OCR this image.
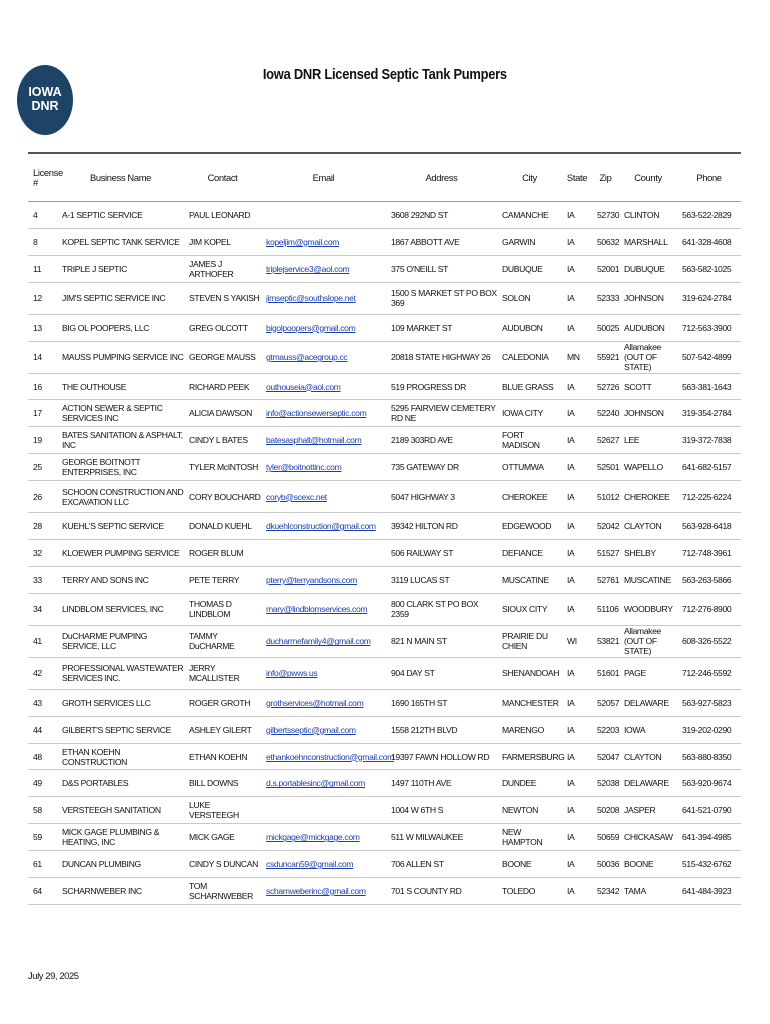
IOWA
DNR
Iowa DNR Licensed Septic Tank Pumpers
License #	Business Name	Contact	Email	Address	City	State	Zip	County	Phone
4	A-1 SEPTIC SERVICE	PAUL LEONARD		3608 292ND ST	CAMANCHE	IA	52730	CLINTON	563-522-2829
8	KOPEL SEPTIC TANK SERVICE	JIM KOPEL	kopeljim@gmail.com	1867 ABBOTT AVE	GARWIN	IA	50632	MARSHALL	641-328-4608
11	TRIPLE J SEPTIC	JAMES J ARTHOFER	triplejservice3@aol.com	375 O'NEILL ST	DUBUQUE	IA	52001	DUBUQUE	563-582-1025
12	JIM'S SEPTIC SERVICE INC	STEVEN S YAKISH	jimseptic@southslope.net	1500 S MARKET ST PO BOX 369	SOLON	IA	52333	JOHNSON	319-624-2784
13	BIG OL POOPERS, LLC	GREG OLCOTT	bigolpoopers@gmail.com	109 MARKET ST	AUDUBON	IA	50025	AUDUBON	712-563-3900
14	MAUSS PUMPING SERVICE INC	GEORGE MAUSS	gtmauss@acegroup.cc	20818 STATE HIGHWAY 26	CALEDONIA	MN	55921	Allamakee (OUT OF STATE)	507-542-4899
16	THE OUTHOUSE	RICHARD PEEK	outhouseia@aol.com	519 PROGRESS DR	BLUE GRASS	IA	52726	SCOTT	563-381-1643
17	ACTION SEWER & SEPTIC SERVICES INC	ALICIA DAWSON	info@actionsewerseptic.com	5295 FAIRVIEW CEMETERY RD NE	IOWA CITY	IA	52240	JOHNSON	319-354-2784
19	BATES SANITATION & ASPHALT, INC	CINDY L BATES	batesasphalt@hotmail.com	2189 303RD AVE	FORT MADISON	IA	52627	LEE	319-372-7838
25	GEORGE BOITNOTT ENTERPRISES, INC	TYLER McINTOSH	tyler@boitnottinc.com	735 GATEWAY DR	OTTUMWA	IA	52501	WAPELLO	641-682-5157
26	SCHOON CONSTRUCTION AND EXCAVATION LLC	CORY BOUCHARD	coryb@scexc.net	5047 HIGHWAY 3	CHEROKEE	IA	51012	CHEROKEE	712-225-6224
28	KUEHL'S SEPTIC SERVICE	DONALD KUEHL	dkuehlconstruction@gmail.com	39342 HILTON RD	EDGEWOOD	IA	52042	CLAYTON	563-928-6418
32	KLOEWER PUMPING SERVICE	ROGER BLUM		506 RAILWAY ST	DEFIANCE	IA	51527	SHELBY	712-748-3961
33	TERRY AND SONS INC	PETE TERRY	pterry@terryandsons.com	3119 LUCAS ST	MUSCATINE	IA	52761	MUSCATINE	563-263-5866
34	LINDBLOM SERVICES, INC	THOMAS D LINDBLOM	mary@lindblomservices.com	800 CLARK ST PO BOX 2359	SIOUX CITY	IA	51106	WOODBURY	712-276-8900
41	DuCHARME PUMPING SERVICE, LLC	TAMMY DuCHARME	ducharmefamily4@gmail.com	821 N MAIN ST	PRAIRIE DU CHIEN	WI	53821	Allamakee (OUT OF STATE)	608-326-5522
42	PROFESSIONAL WASTEWATER SERVICES INC.	JERRY MCALLISTER	info@pwws.us	904 DAY ST	SHENANDOAH	IA	51601	PAGE	712-246-5592
43	GROTH SERVICES LLC	ROGER GROTH	grothservices@hotmail.com	1690 165TH ST	MANCHESTER	IA	52057	DELAWARE	563-927-5823
44	GILBERT'S SEPTIC SERVICE	ASHLEY GILERT	gilbertsseptic@gmail.com	1558 212TH BLVD	MARENGO	IA	52203	IOWA	319-202-0290
48	ETHAN KOEHN CONSTRUCTION	ETHAN KOEHN	ethankoehnconstruction@gmail.com	19397 FAWN HOLLOW RD	FARMERSBURG	IA	52047	CLAYTON	563-880-8350
49	D&S PORTABLES	BILL DOWNS	d.s.portablesinc@gmail.com	1497 110TH AVE	DUNDEE	IA	52038	DELAWARE	563-920-9674
58	VERSTEEGH SANITATION	LUKE VERSTEEGH		1004 W 6TH S	NEWTON	IA	50208	JASPER	641-521-0790
59	MICK GAGE PLUMBING & HEATING, INC	MICK GAGE	mickgage@mickgage.com	511 W MILWAUKEE	NEW HAMPTON	IA	50659	CHICKASAW	641-394-4985
61	DUNCAN PLUMBING	CINDY S DUNCAN	csduncan59@gmail.com	706 ALLEN ST	BOONE	IA	50036	BOONE	515-432-6762
64	SCHARNWEBER INC	TOM SCHARNWEBER	scharnweberinc@gmail.com	701 S COUNTY RD	TOLEDO	IA	52342	TAMA	641-484-3923
July 29, 2025
